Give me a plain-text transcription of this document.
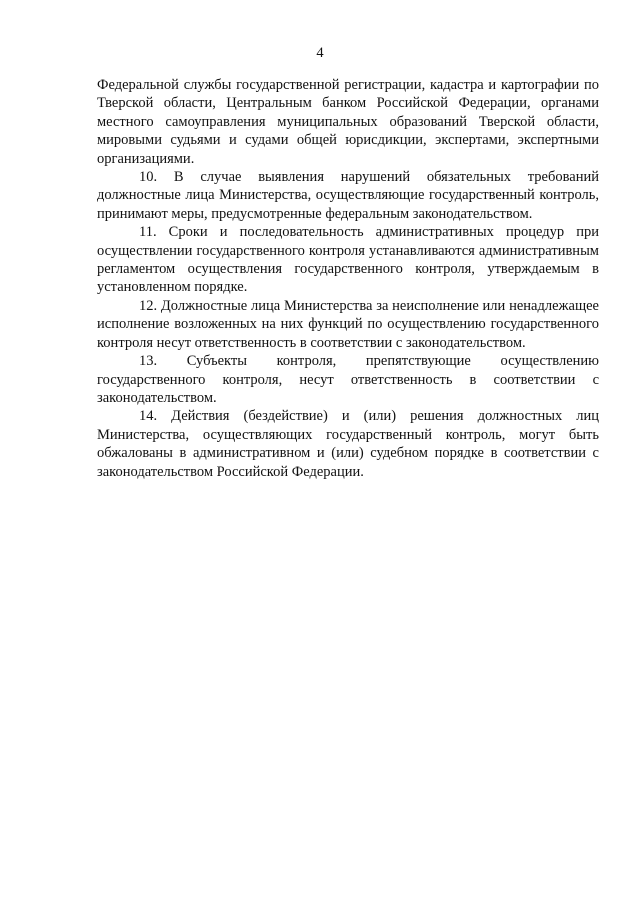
4

Федеральной службы государственной регистрации, кадастра и картографии по Тверской области, Центральным банком Российской Федерации, органами местного самоуправления муниципальных образований Тверской области, мировыми судьями и судами общей юрисдикции, экспертами, экспертными организациями.

10. В случае выявления нарушений обязательных требований должностные лица Министерства, осуществляющие государственный контроль, принимают меры, предусмотренные федеральным законодательством.

11. Сроки и последовательность административных процедур при осуществлении государственного контроля устанавливаются административным регламентом осуществления государственного контроля, утверждаемым в установленном порядке.

12. Должностные лица Министерства за неисполнение или ненадлежащее исполнение возложенных на них функций по осуществлению государственного контроля несут ответственность в соответствии с законодательством.

13. Субъекты контроля, препятствующие осуществлению государственного контроля, несут ответственность в соответствии с законодательством.

14. Действия (бездействие) и (или) решения должностных лиц Министерства, осуществляющих государственный контроль, могут быть обжалованы в административном и (или) судебном порядке в соответствии с законодательством Российской Федерации.
